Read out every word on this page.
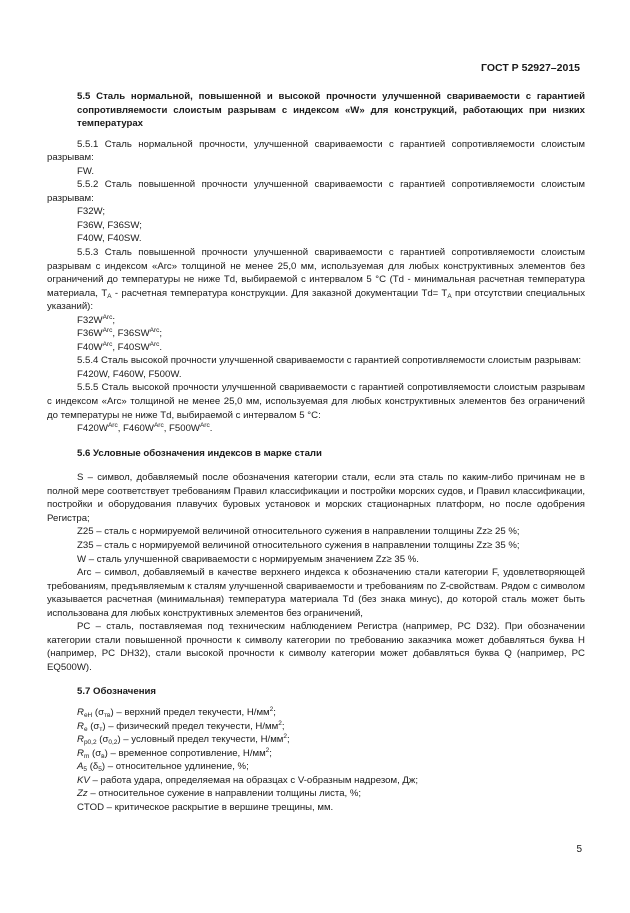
ГОСТ Р 52927–2015

5.5 Сталь нормальной, повышенной и высокой прочности улучшенной свариваемости с гарантией сопротивляемости слоистым разрывам с индексом «W» для конструкций, работающих при низких температурах

5.5.1 Сталь нормальной прочности, улучшенной свариваемости с гарантией сопротивляемости слоистым разрывам:

FW.

5.5.2 Сталь повышенной прочности улучшенной свариваемости с гарантией сопротивляемости слоистым разрывам:

F32W;

F36W, F36SW;

F40W, F40SW.

5.5.3 Сталь повышенной прочности улучшенной свариваемости с гарантией сопротивляемости слоистым разрывам с индексом «Arc» толщиной не менее 25,0 мм, используемая для любых конструктивных элементов без ограничений до температуры не ниже Td, выбираемой с интервалом 5 °C (Td - минимальная расчетная температура материала, $T_A$ - расчетная температура конструкции. Для заказной документации $Td= T_A$ при отсутствии специальных указаний):

$F32W^{Arc}$;

$F36W^{Arc}$, $F36SW^{Arc}$;

$F40W^{Arc}$, $F40SW^{Arc}$.

5.5.4 Сталь высокой прочности улучшенной свариваемости с гарантией сопротивляемости слоистым разрывам:

F420W, F460W, F500W.

5.5.5 Сталь высокой прочности улучшенной свариваемости с гарантией сопротивляемости слоистым разрывам с индексом «Arc» толщиной не менее 25,0 мм, используемая для любых конструктивных элементов без ограничений до температуры не ниже Td, выбираемой с интервалом 5 °C:

$F420W^{Arc}$, $F460W^{Arc}$, $F500W^{Arc}$.

5.6 Условные обозначения индексов в марке стали

S – символ, добавляемый после обозначения категории стали, если эта сталь по каким-либо причинам не в полной мере соответствует требованиям Правил классификации и постройки морских судов, и Правил классификации, постройки и оборудования плавучих буровых установок и морских стационарных платформ, но после одобрения Регистра;

Z25 – сталь с нормируемой величиной относительного сужения в направлении толщины Zz≥ 25 %;

Z35 – сталь с нормируемой величиной относительного сужения в направлении толщины Zz≥ 35 %;

W – сталь улучшенной свариваемости с нормируемым значением Zz≥ 35 %.

Arc – символ, добавляемый в качестве верхнего индекса к обозначению стали категории F, удовлетворяющей требованиям, предъявляемым к сталям улучшенной свариваемости и требованиям по Z-свойствам. Рядом с символом указывается расчетная (минимальная) температура материала Td (без знака минус), до которой сталь может быть использована для любых конструктивных элементов без ограничений,

PC – сталь, поставляемая под техническим наблюдением Регистра (например, PC D32). При обозначении категории стали повышенной прочности к символу категории по требованию заказчика может добавляться буква H (например, PC DH32), стали высокой прочности к символу категории может добавляться буква Q (например, PC EQ500W).

5.7 Обозначения

$R_{eH}$ $(\sigma_{тв})$ – верхний предел текучести, $Н/мм^2$;

$R_e$ $(\sigma_т)$ – физический предел текучести, $Н/мм^2$;

$R_{p0,2}$ $(\sigma_{0,2})$ – условный предел текучести, $Н/мм^2$;

$R_m$ $(\sigma_в)$ – временное сопротивление, $Н/мм^2$;

$A_5$ $(\delta_5)$ – относительное удлинение, %;

KV – работа удара, определяемая на образцах с V-образным надрезом, Дж;

Zz – относительное сужение в направлении толщины листа, %;

CTOD – критическое раскрытие в вершине трещины, мм.

5
